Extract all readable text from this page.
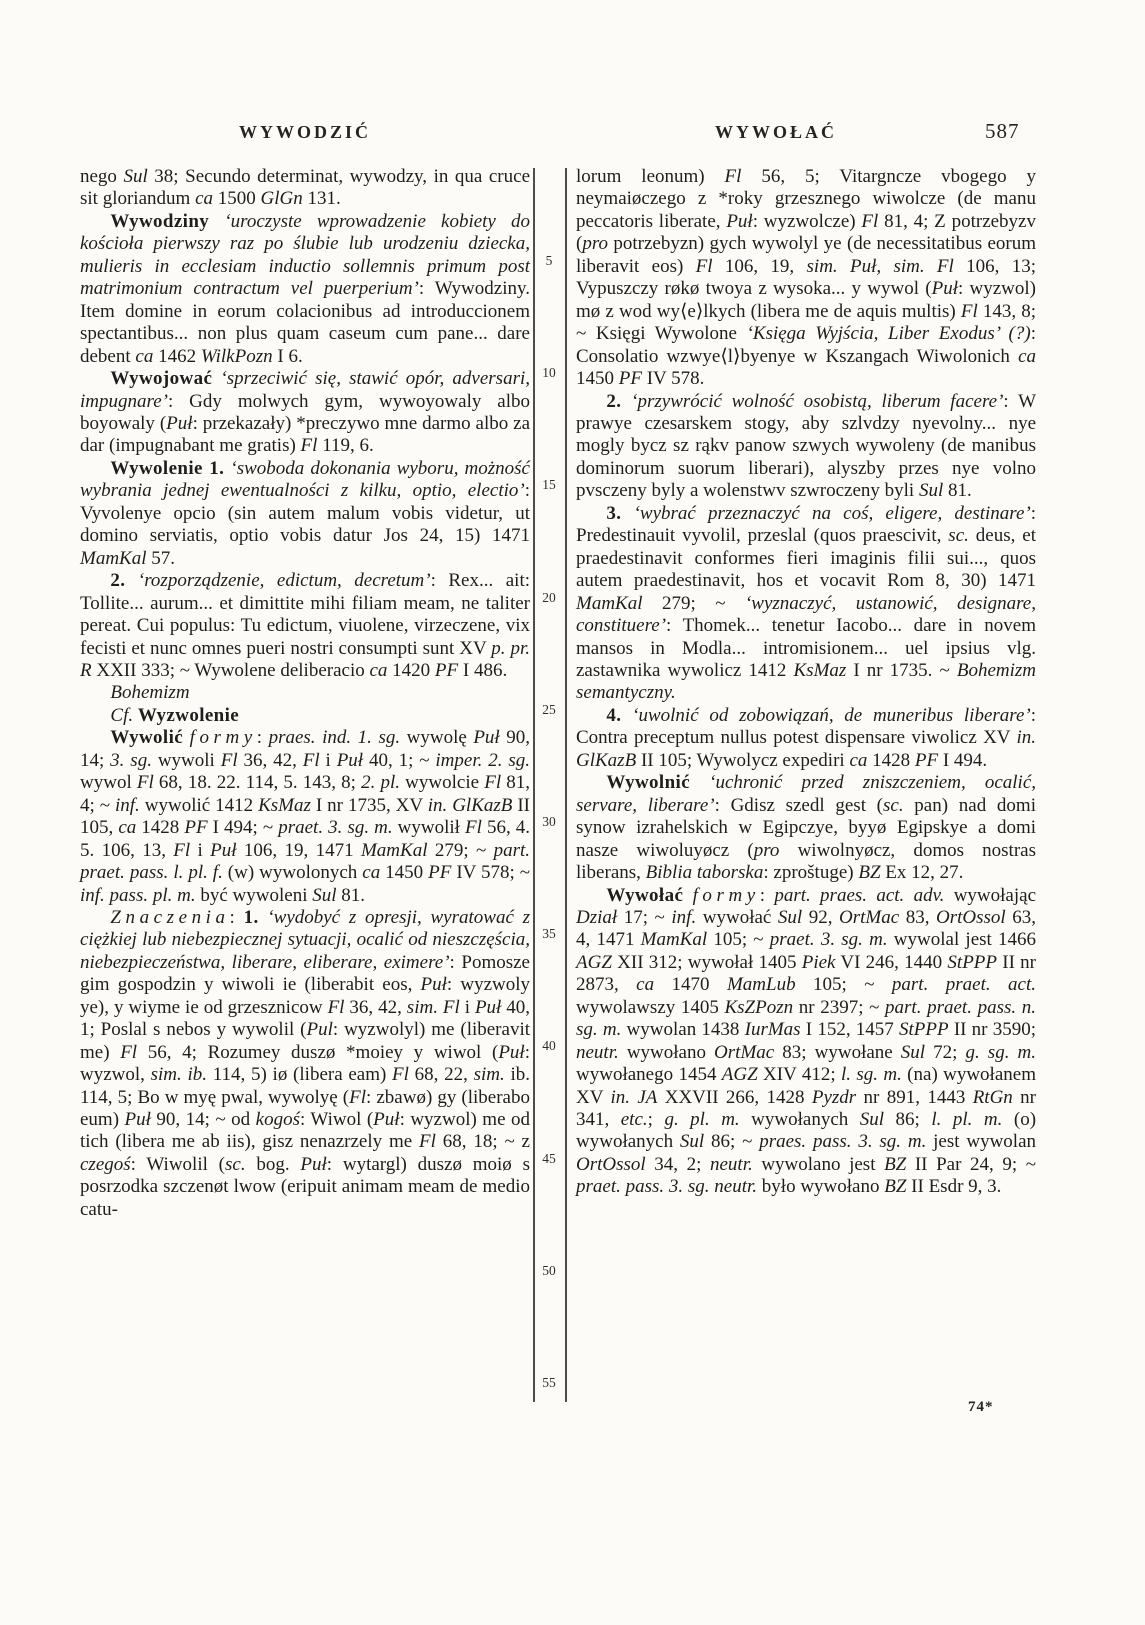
WYWODZIĆ	WYWOŁAĆ	587

nego Sul 38; Secundo determinat, wywodzy, in qua cruce sit gloriandum ca 1500 GlGn 131.

Wywodziny ‘uroczyste wprowadzenie kobiety do kościoła pierwszy raz po ślubie lub urodzeniu dziecka, mulieris in ecclesiam inductio sollemnis primum post matrimonium contractum vel puerperium’: Wywodziny. Item domine in eorum colacionibus ad introduccionem spectantibus... non plus quam caseum cum pane... dare debent ca 1462 WilkPozn I 6.

Wywojować ‘sprzeciwić się, stawić opór, adversari, impugnare’: Gdy molwych gym, wywoyowaly albo boyowaly (Puł: przekazały) *preczywo mne darmo albo za dar (impugnabant me gratis) Fl 119, 6.

Wywolenie 1. ‘swoboda dokonania wyboru, możność wybrania jednej ewentualności z kilku, optio, electio’: Vyvolenye opcio (sin autem malum vobis videtur, ut domino serviatis, optio vobis datur Jos 24, 15) 1471 MamKal 57.

2. ‘rozporządzenie, edictum, decretum’: Rex... ait: Tollite... aurum... et dimittite mihi filiam meam, ne taliter pereat. Cui populus: Tu edictum, viuolene, virzeczene, vix fecisti et nunc omnes pueri nostri consumpti sunt XV p. pr. R XXII 333; ~ Wywolene deliberacio ca 1420 PF I 486.

Bohemizm

Cf. Wyzwolenie

Wywolić formy: praes. ind. 1. sg. wywolę Puł 90, 14; 3. sg. wywoli Fl 36, 42, Fl i Puł 40, 1; ~ imper. 2. sg. wywol Fl 68, 18. 22. 114, 5. 143, 8; 2. pl. wywolcie Fl 81, 4; ~ inf. wywolić 1412 KsMaz I nr 1735, XV in. GlKazB II 105, ca 1428 PF I 494; ~ praet. 3. sg. m. wywolił Fl 56, 4. 5. 106, 13, Fl i Puł 106, 19, 1471 MamKal 279; ~ part. praet. pass. l. pl. f. (w) wywolonych ca 1450 PF IV 578; ~ inf. pass. pl. m. być wywoleni Sul 81.

Znaczenia: 1. ‘wydobyć z opresji, wyratować z ciężkiej lub niebezpiecznej sytuacji, ocalić od nieszczęścia, niebezpieczeństwa, liberare, eliberare, eximere’: Pomosze gim gospodzin y wiwoli ie (liberabit eos, Puł: wyzwoly ye), y wiyme ie od grzesznicow Fl 36, 42, sim. Fl i Puł 40, 1; Poslal s nebos y wywolil (Pul: wyzwolyl) me (liberavit me) Fl 56, 4; Rozumey duszø *moiey y wiwol (Puł: wyzwol, sim. ib. 114, 5) iø (libera eam) Fl 68, 22, sim. ib. 114, 5; Bo w myę pwal, wywolyę (Fl: zbawø) gy (liberabo eum) Puł 90, 14; ~ od kogoś: Wiwol (Puł: wyzwol) me od tich (libera me ab iis), gisz nenazrzely me Fl 68, 18; ~ z czegoś: Wiwolil (sc. bog. Puł: wytargl) duszø moiø s posrzodka szczenøt lwow (eripuit animam meam de medio catu-

5
10
15
20
25
30
35
40
45
50
55

lorum leonum) Fl 56, 5; Vitargncze vbogego y neymaiøczego z *roky grzesznego wiwolcze (de manu peccatoris liberate, Puł: wyzwolcze) Fl 81, 4; Z potrzebyzv (pro potrzebyzn) gych wywolyl ye (de necessitatibus eorum liberavit eos) Fl 106, 19, sim. Puł, sim. Fl 106, 13; Vypuszczy røkø twoya z wysoka... y wywol (Puł: wyzwol) mø z wod wy⟨e⟩lkych (libera me de aquis multis) Fl 143, 8; ~ Księgi Wywolone ‘Księga Wyjścia, Liber Exodus’ (?): Consolatio wzwye⟨l⟩byenye w Kszangach Wiwolonich ca 1450 PF IV 578.

2. ‘przywrócić wolność osobistą, liberum facere’: W prawye czesarskem stogy, aby szlvdzy nyevolny... nye mogly bycz sz rąkv panow szwych wywoleny (de manibus dominorum suorum liberari), alyszby przes nye volno pvsczeny byly a wolenstwv szwroczeny byli Sul 81.

3. ‘wybrać przeznaczyć na coś, eligere, destinare’: Predestinauit vyvolil, przeslal (quos praescivit, sc. deus, et praedestinavit conformes fieri imaginis filii sui..., quos autem praedestinavit, hos et vocavit Rom 8, 30) 1471 MamKal 279; ~ ‘wyznaczyć, ustanowić, designare, constituere’: Thomek... tenetur Iacobo... dare in novem mansos in Modla... intromisionem... uel ipsius vlg. zastawnika wywolicz 1412 KsMaz I nr 1735. ~ Bohemizm semantyczny.

4. ‘uwolnić od zobowiązań, de muneribus liberare’: Contra preceptum nullus potest dispensare viwolicz XV in. GlKazB II 105; Wywolycz expediri ca 1428 PF I 494.

Wywolnić ‘uchronić przed zniszczeniem, ocalić, servare, liberare’: Gdisz szedl gest (sc. pan) nad domi synow izrahelskich w Egipczye, byyø Egipskye a domi nasze wiwoluyøcz (pro wiwolnyøcz, domos nostras liberans, Biblia taborska: zproštuge) BZ Ex 12, 27.

Wywołać formy: part. praes. act. adv. wywołając Dział 17; ~ inf. wywołać Sul 92, OrtMac 83, OrtOssol 63, 4, 1471 MamKal 105; ~ praet. 3. sg. m. wywolal jest 1466 AGZ XII 312; wywołał 1405 Piek VI 246, 1440 StPPP II nr 2873, ca 1470 MamLub 105; ~ part. praet. act. wywolawszy 1405 KsZPozn nr 2397; ~ part. praet. pass. n. sg. m. wywolan 1438 IurMas I 152, 1457 StPPP II nr 3590; neutr. wywołano OrtMac 83; wywołane Sul 72; g. sg. m. wywołanego 1454 AGZ XIV 412; l. sg. m. (na) wywołanem XV in. JA XXVII 266, 1428 Pyzdr nr 891, 1443 RtGn nr 341, etc.; g. pl. m. wywołanych Sul 86; l. pl. m. (o) wywołanych Sul 86; ~ praes. pass. 3. sg. m. jest wywolan OrtOssol 34, 2; neutr. wywolano jest BZ II Par 24, 9; ~ praet. pass. 3. sg. neutr. było wywołano BZ II Esdr 9, 3.

74*
